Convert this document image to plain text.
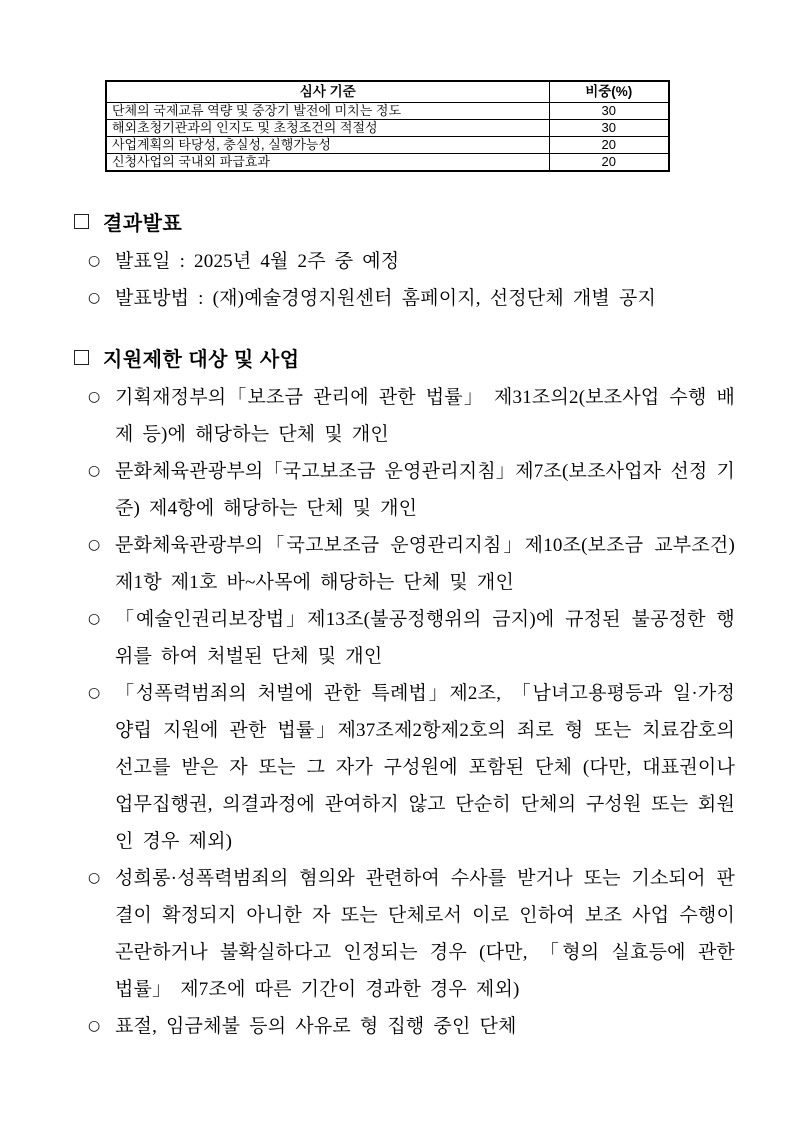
심사 기준	비중(%)
단체의 국제교류 역량 및 중장기 발전에 미치는 정도	30
해외초청기관과의 인지도 및 초청조건의 적절성	30
사업계획의 타당성, 충실성, 실행가능성	20
신청사업의 국내외 파급효과	20
결과발표
○ 발표일 : 2025년 4월 2주 중 예정
○ 발표방법 : (재)예술경영지원센터 홈페이지, 선정단체 개별 공지
지원제한 대상 및 사업
○ 기획재정부의「보조금 관리에 관한 법률」 제31조의2(보조사업 수행 배제 등)에 해당하는 단체 및 개인
○ 문화체육관광부의「국고보조금 운영관리지침」제7조(보조사업자 선정 기준) 제4항에 해당하는 단체 및 개인
○ 문화체육관광부의「국고보조금 운영관리지침」제10조(보조금 교부조건) 제1항 제1호 바~사목에 해당하는 단체 및 개인
○ 「예술인권리보장법」제13조(불공정행위의 금지)에 규정된 불공정한 행위를 하여 처벌된 단체 및 개인
○ 「성폭력범죄의 처벌에 관한 특례법」제2조, 「남녀고용평등과 일·가정 양립 지원에 관한 법률」제37조제2항제2호의 죄로 형 또는 치료감호의 선고를 받은 자 또는 그 자가 구성원에 포함된 단체 (다만, 대표권이나 업무집행권, 의결과정에 관여하지 않고 단순히 단체의 구성원 또는 회원인 경우 제외)
○ 성희롱·성폭력범죄의 혐의와 관련하여 수사를 받거나 또는 기소되어 판결이 확정되지 아니한 자 또는 단체로서 이로 인하여 보조 사업 수행이 곤란하거나 불확실하다고 인정되는 경우 (다만, 「형의 실효등에 관한 법률」 제7조에 따른 기간이 경과한 경우 제외)
○ 표절, 임금체불 등의 사유로 형 집행 중인 단체
